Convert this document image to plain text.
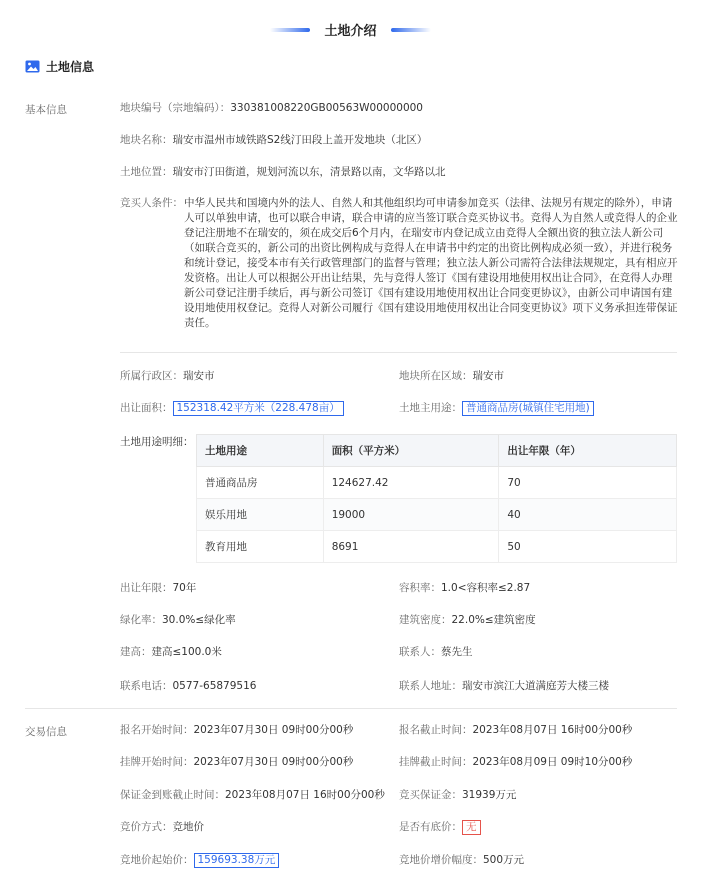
土地介绍
土地信息
基本信息	地块编号（宗地编码）：330381008220GB00563W00000000
地块名称：瑞安市温州市域铁路S2线汀田段上盖开发地块（北区）
土地位置：瑞安市汀田街道，规划河流以东，清景路以南，文华路以北
竞买人条件： 中华人民共和国境内外的法人、自然人和其他组织均可申请参加竞买（法律、法规另有规定的除外），申请人可以单独申请，也可以联合申请，联合申请的应当签订联合竞买协议书。竞得人为自然人或竞得人的企业登记注册地不在瑞安的，须在成交后6个月内，在瑞安市内登记成立由竞得人全额出资的独立法人新公司（如联合竞买的，新公司的出资比例构成与竞得人在申请书中约定的出资比例构成必须一致），并进行税务和统计登记，接受本市有关行政管理部门的监督与管理；独立法人新公司需符合法律法规规定，具有相应开发资格。出让人可以根据公开出让结果，先与竞得人签订《国有建设用地使用权出让合同》，在竞得人办理新公司登记注册手续后，再与新公司签订《国有建设用地使用权出让合同变更协议》，由新公司申请国有建设用地使用权登记。竞得人对新公司履行《国有建设用地使用权出让合同变更协议》项下义务承担连带保证责任。
所属行政区：瑞安市	地块所在区域：瑞安市
出让面积： 152318.42平方米（228.478亩）	土地主用途： 普通商品房(城镇住宅用地)
土地用途明细：
土地用途	面积（平方米）	出让年限（年）
普通商品房	124627.42	70
娱乐用地	19000	40
教育用地	8691	50
出让年限：70年	容积率：1.0<容积率≤2.87
绿化率：30.0%≤绿化率	建筑密度：22.0%≤建筑密度
建高：建高≤100.0米	联系人：蔡先生
联系电话：0577-65879516	联系人地址：瑞安市滨江大道满庭芳大楼三楼
交易信息	报名开始时间：2023年07月30日 09时00分00秒	报名截止时间：2023年08月07日 16时00分00秒
挂牌开始时间：2023年07月30日 09时00分00秒	挂牌截止时间：2023年08月09日 09时10分00秒
保证金到账截止时间：2023年08月07日 16时00分00秒 竞买保证金：31939万元
竞价方式：竞地价	是否有底价： 无
竞地价起始价： 159693.38万元	竞地价增价幅度：500万元
